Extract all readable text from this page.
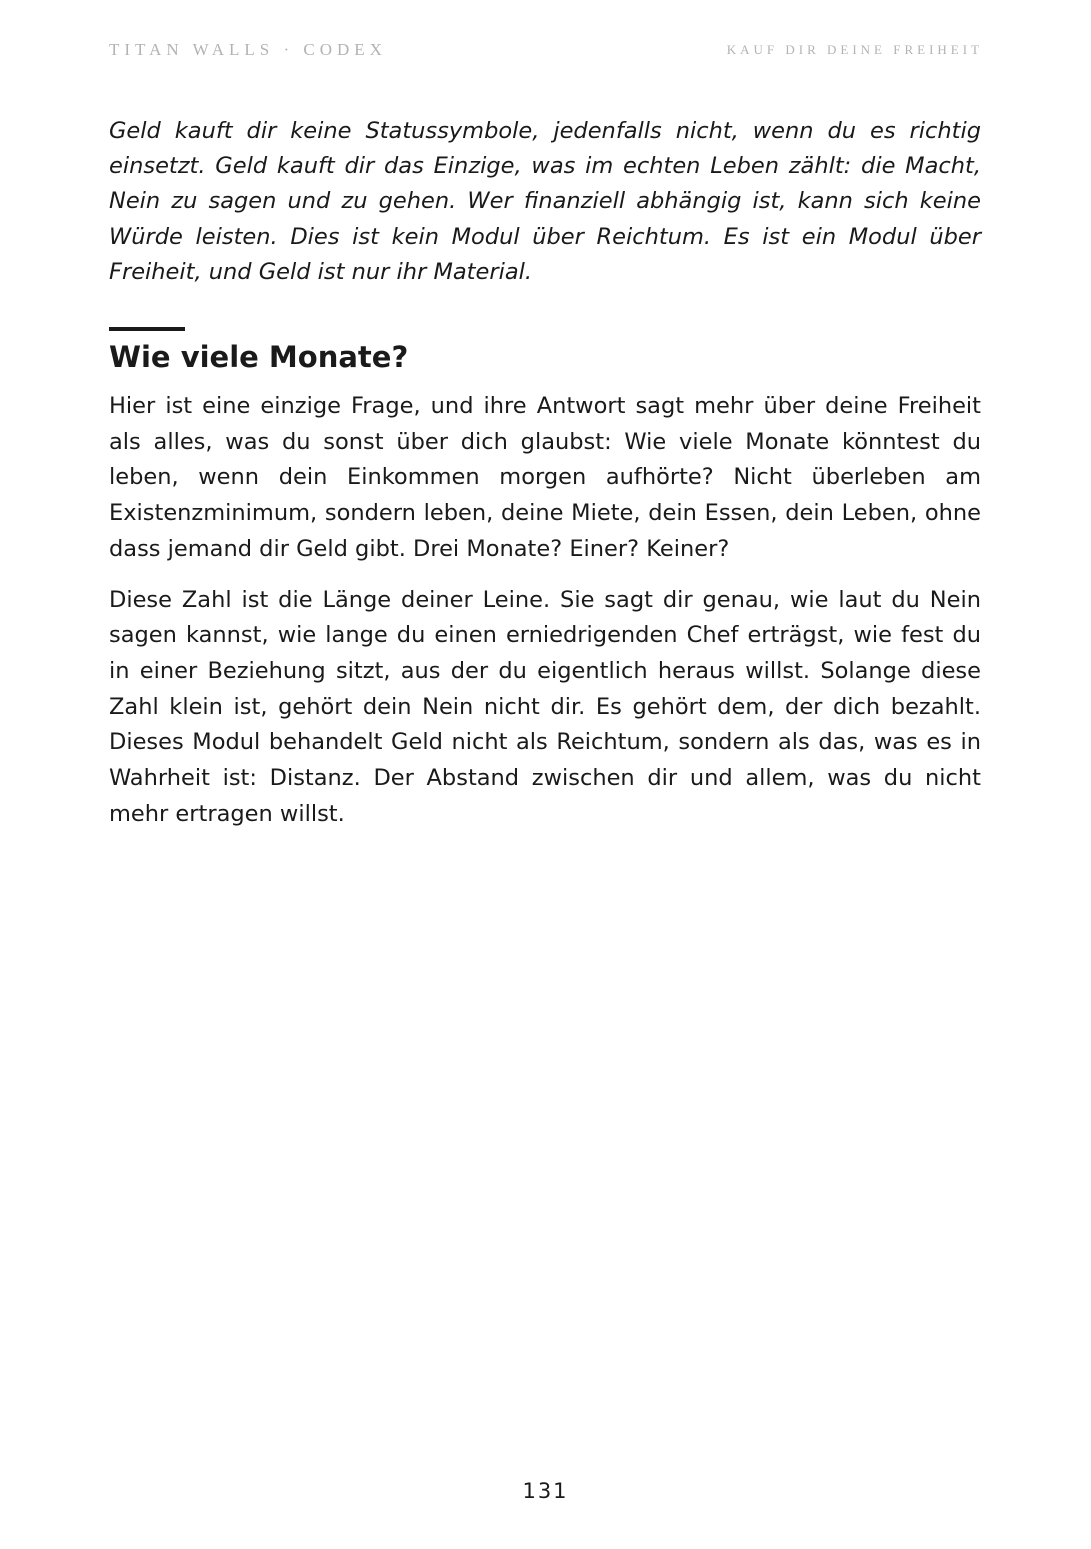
TITAN WALLS · CODEX	KAUF DIR DEINE FREIHEIT

Geld kauft dir keine Statussymbole, jedenfalls nicht, wenn du es richtig einsetzt. Geld kauft dir das Einzige, was im echten Leben zählt: die Macht, Nein zu sagen und zu gehen. Wer finanziell abhängig ist, kann sich keine Würde leisten. Dies ist kein Modul über Reichtum. Es ist ein Modul über Freiheit, und Geld ist nur ihr Material.

Wie viele Monate?

Hier ist eine einzige Frage, und ihre Antwort sagt mehr über deine Freiheit als alles, was du sonst über dich glaubst: Wie viele Monate könntest du leben, wenn dein Einkommen morgen aufhörte? Nicht überleben am Existenzminimum, sondern leben, deine Miete, dein Essen, dein Leben, ohne dass jemand dir Geld gibt. Drei Monate? Einer? Keiner?

Diese Zahl ist die Länge deiner Leine. Sie sagt dir genau, wie laut du Nein sagen kannst, wie lange du einen erniedrigenden Chef erträgst, wie fest du in einer Beziehung sitzt, aus der du eigentlich heraus willst. Solange diese Zahl klein ist, gehört dein Nein nicht dir. Es gehört dem, der dich bezahlt. Dieses Modul behandelt Geld nicht als Reichtum, sondern als das, was es in Wahrheit ist: Distanz. Der Abstand zwischen dir und allem, was du nicht mehr ertragen willst.

131
